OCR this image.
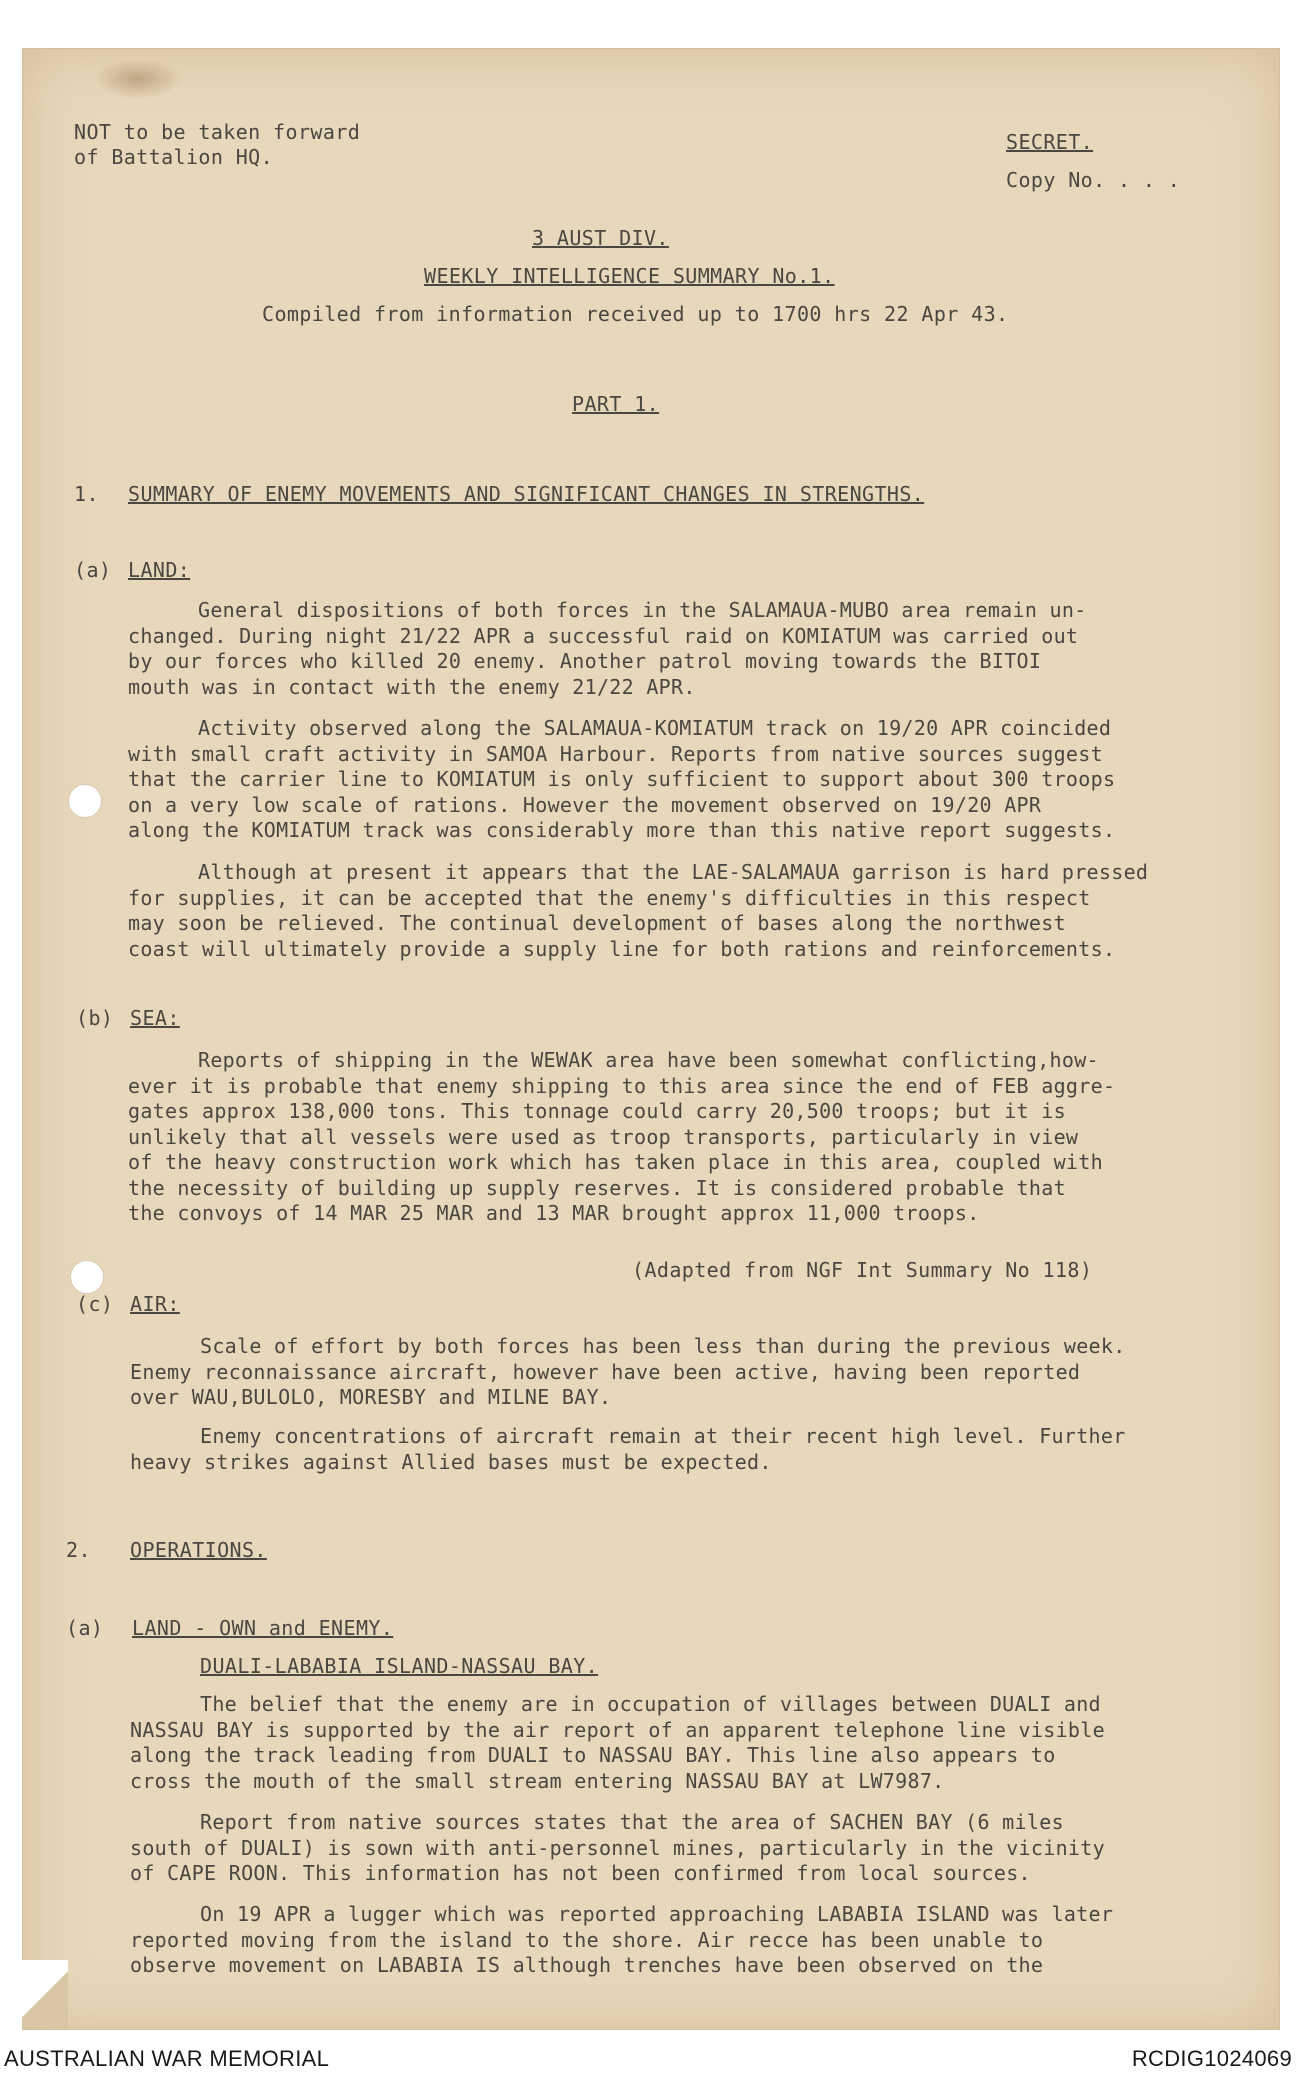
NOT to be taken forward
of Battalion HQ.
SECRET.
Copy No. . . .
3 AUST DIV.
WEEKLY INTELLIGENCE SUMMARY No.1.
Compiled from information received up to 1700 hrs 22 Apr 43.
PART 1.
1. SUMMARY OF ENEMY MOVEMENTS AND SIGNIFICANT CHANGES IN STRENGTHS.
(a) LAND:
General dispositions of both forces in the SALAMAUA-MUBO area remain un-
changed. During night 21/22 APR a successful raid on KOMIATUM was carried out
by our forces who killed 20 enemy. Another patrol moving towards the BITOI
mouth was in contact with the enemy 21/22 APR.
Activity observed along the SALAMAUA-KOMIATUM track on 19/20 APR coincided
with small craft activity in SAMOA Harbour. Reports from native sources suggest
that the carrier line to KOMIATUM is only sufficient to support about 300 troops
on a very low scale of rations. However the movement observed on 19/20 APR
along the KOMIATUM track was considerably more than this native report suggests.
Although at present it appears that the LAE-SALAMAUA garrison is hard pressed
for supplies, it can be accepted that the enemy's difficulties in this respect
may soon be relieved. The continual development of bases along the northwest
coast will ultimately provide a supply line for both rations and reinforcements.
(b) SEA:
Reports of shipping in the WEWAK area have been somewhat conflicting,how-
ever it is probable that enemy shipping to this area since the end of FEB aggre-
gates approx 138,000 tons. This tonnage could carry 20,500 troops; but it is
unlikely that all vessels were used as troop transports, particularly in view
of the heavy construction work which has taken place in this area, coupled with
the necessity of building up supply reserves. It is considered probable that
the convoys of 14 MAR 25 MAR and 13 MAR brought approx 11,000 troops.
(Adapted from NGF Int Summary No 118)
(c) AIR:
Scale of effort by both forces has been less than during the previous week.
Enemy reconnaissance aircraft, however have been active, having been reported
over WAU,BULOLO, MORESBY and MILNE BAY.
Enemy concentrations of aircraft remain at their recent high level. Further
heavy strikes against Allied bases must be expected.
2. OPERATIONS.
(a) LAND - OWN and ENEMY.
DUALI-LABABIA ISLAND-NASSAU BAY.
The belief that the enemy are in occupation of villages between DUALI and
NASSAU BAY is supported by the air report of an apparent telephone line visible
along the track leading from DUALI to NASSAU BAY. This line also appears to
cross the mouth of the small stream entering NASSAU BAY at LW7987.
Report from native sources states that the area of SACHEN BAY (6 miles
south of DUALI) is sown with anti-personnel mines, particularly in the vicinity
of CAPE ROON. This information has not been confirmed from local sources.
On 19 APR a lugger which was reported approaching LABABIA ISLAND was later
reported moving from the island to the shore. Air recce has been unable to
observe movement on LABABIA IS although trenches have been observed on the
AUSTRALIAN WAR MEMORIAL	RCDIG1024069
